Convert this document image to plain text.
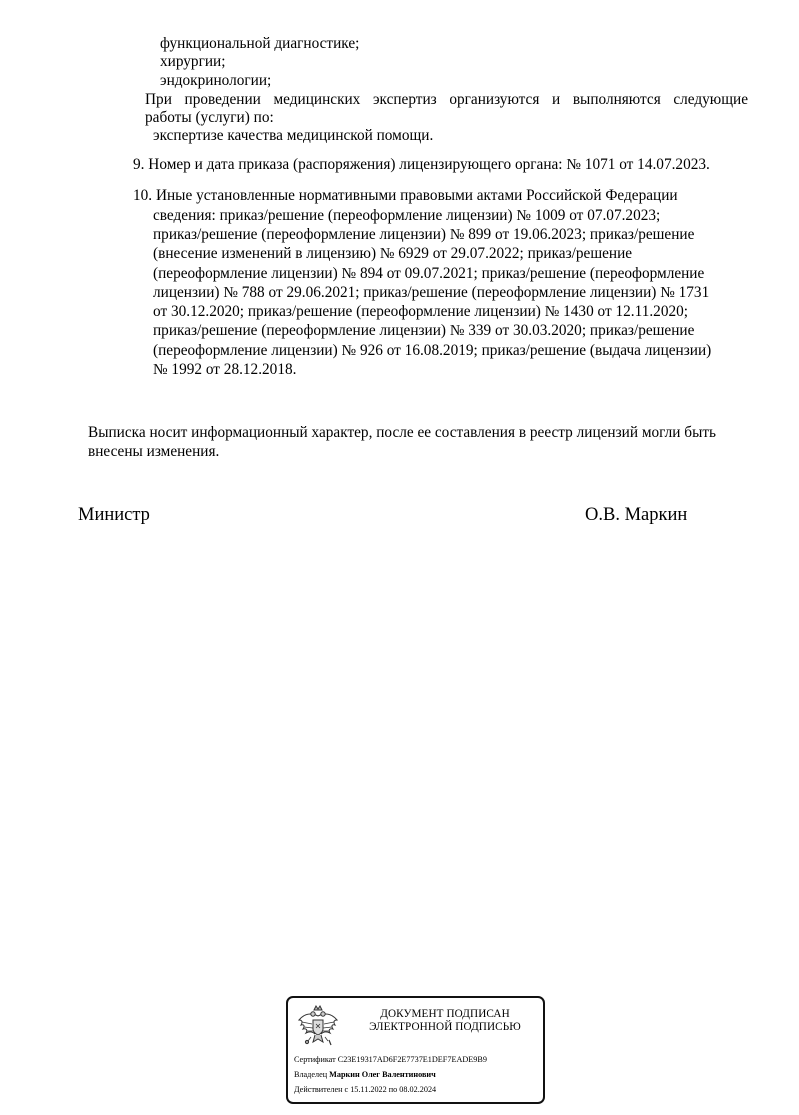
функциональной диагностике;
хирургии;
эндокринологии;
При проведении медицинских экспертиз организуются и выполняются следующие
работы (услуги) по:
экспертизе качества медицинской помощи.
9. Номер и дата приказа (распоряжения) лицензирующего органа: № 1071 от 14.07.2023.
10. Иные установленные нормативными правовыми актами Российской Федерации
сведения: приказ/решение (переоформление лицензии) № 1009 от 07.07.2023;
приказ/решение (переоформление лицензии) № 899 от 19.06.2023; приказ/решение
(внесение изменений в лицензию) № 6929 от 29.07.2022; приказ/решение
(переоформление лицензии) № 894 от 09.07.2021; приказ/решение (переоформление
лицензии) № 788 от 29.06.2021; приказ/решение (переоформление лицензии) № 1731
от 30.12.2020; приказ/решение (переоформление лицензии) № 1430 от 12.11.2020;
приказ/решение (переоформление лицензии) № 339 от 30.03.2020; приказ/решение
(переоформление лицензии) № 926 от 16.08.2019; приказ/решение (выдача лицензии)
№ 1992 от 28.12.2018.
Выписка носит информационный характер, после ее составления в реестр лицензий могли быть
внесены изменения.
Министр	О.В. Маркин
ДОКУМЕНТ ПОДПИСАН
ЭЛЕКТРОННОЙ ПОДПИСЬЮ
Сертификат C23E19317AD6F2E7737E1DEF7EADE9B9
Владелец Маркин Олег Валентинович
Действителен с 15.11.2022 по 08.02.2024
